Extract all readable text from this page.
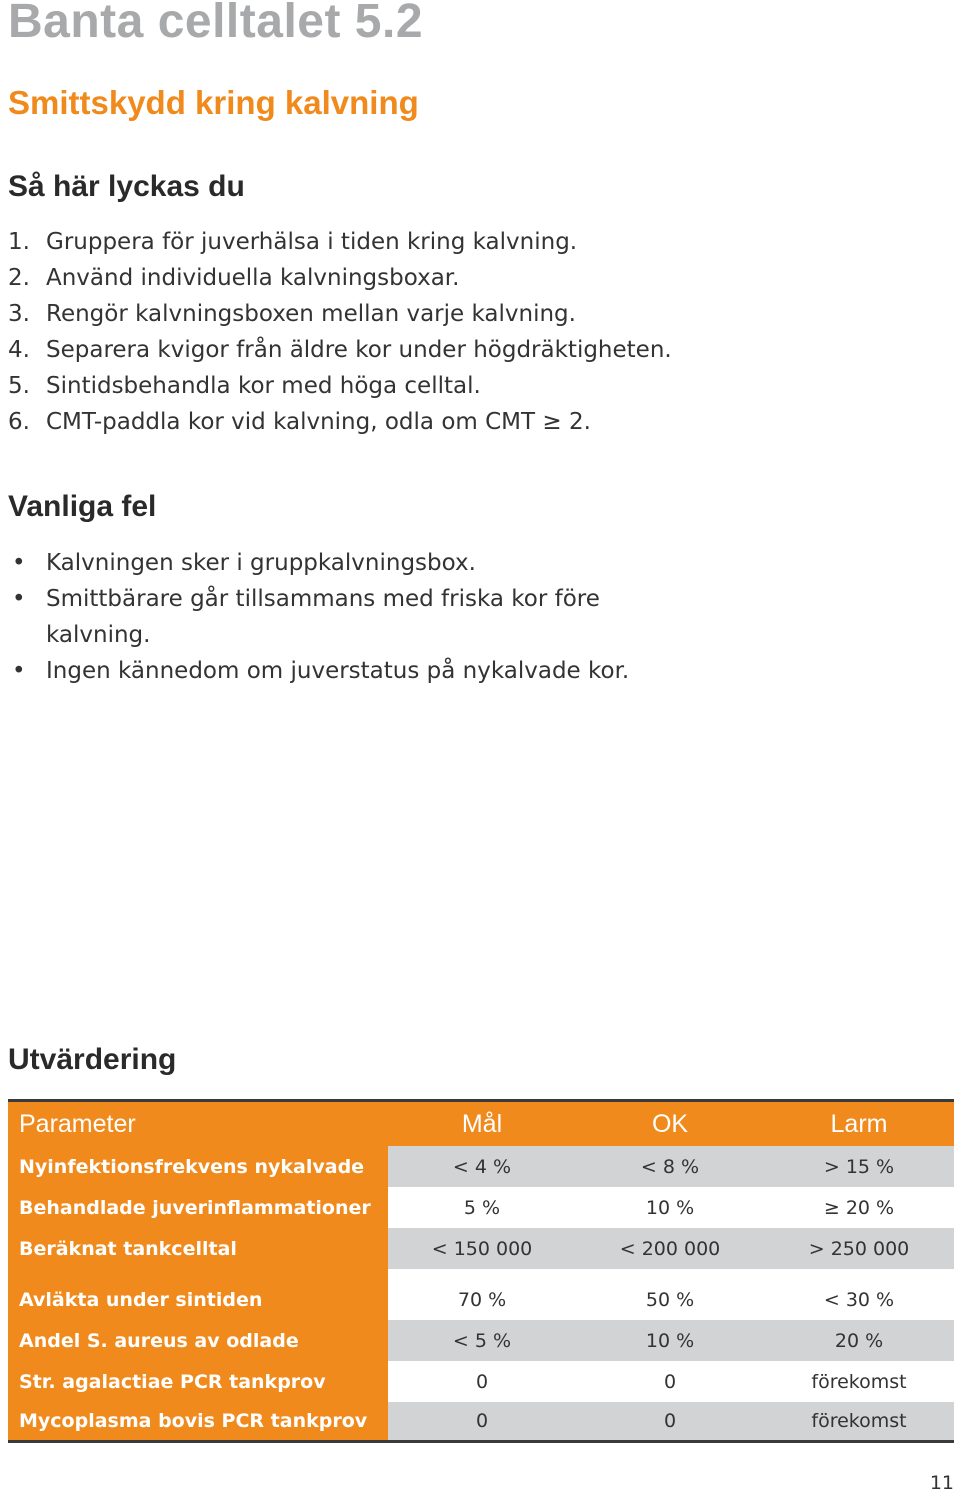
Banta celltalet 5.2
Smittskydd kring kalvning
Så här lyckas du
1. Gruppera för juverhälsa i tiden kring kalvning.
2. Använd individuella kalvningsboxar.
3. Rengör kalvningsboxen mellan varje kalvning.
4. Separera kvigor från äldre kor under högdräktigheten.
5. Sintidsbehandla kor med höga celltal.
6. CMT-paddla kor vid kalvning, odla om CMT ≥ 2.
Vanliga fel
• Kalvningen sker i gruppkalvningsbox.
• Smittbärare går tillsammans med friska kor före kalvning.
• Ingen kännedom om juverstatus på nykalvade kor.
Utvärdering
Parameter	Mål	OK	Larm
Nyinfektionsfrekvens nykalvade	< 4 %	< 8 %	> 15 %
Behandlade juverinflammationer	5 %	10 %	≥ 20 %
Beräknat tankcelltal	< 150 000	< 200 000	> 250 000
Avläkta under sintiden	70 %	50 %	< 30 %
Andel S. aureus av odlade	< 5 %	10 %	20 %
Str. agalactiae PCR tankprov	0	0	förekomst
Mycoplasma bovis PCR tankprov	0	0	förekomst
11
